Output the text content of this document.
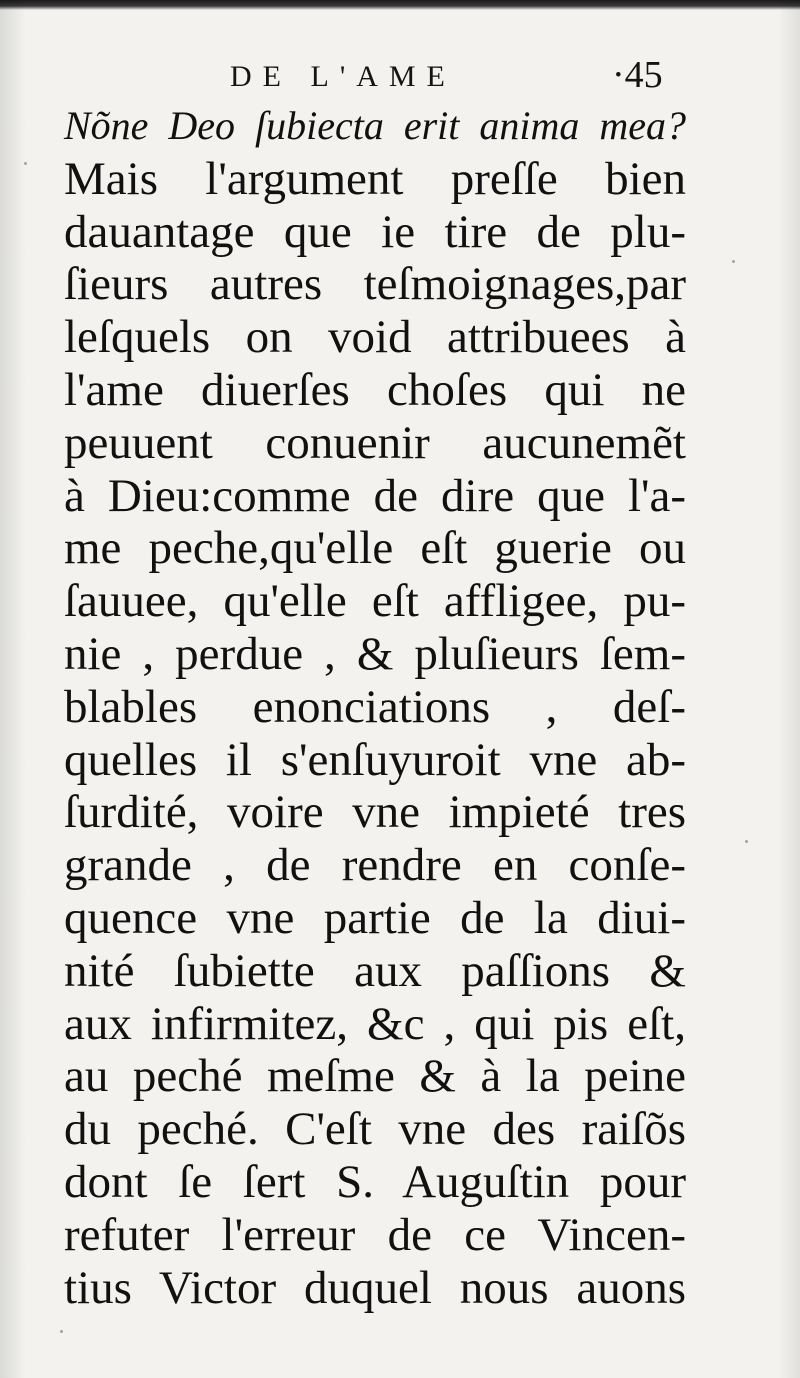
DE L'AME	·45
Nõne Deo ſubiecta erit anima mea?
Mais l'argument preſſe bien
dauantage que ie tire de plu-
ſieurs autres teſmoignages,par
leſquels on void attribuees à
l'ame diuerſes choſes qui ne
peuuent conuenir aucunemẽt
à Dieu:comme de dire que l'a-
me peche,qu'elle eſt guerie ou
ſauuee, qu'elle eſt affligee, pu-
nie , perdue , & pluſieurs ſem-
blables enonciations , deſ-
quelles il s'enſuyuroit vne ab-
ſurdité, voire vne impieté tres
grande , de rendre en conſe-
quence vne partie de la diui-
nité ſubiette aux paſſions &
aux infirmitez, &c , qui pis eſt,
au peché meſme & à la peine
du peché. C'eſt vne des raiſõs
dont ſe ſert S. Auguſtin pour
refuter l'erreur de ce Vincen-
tius Victor duquel nous auons
